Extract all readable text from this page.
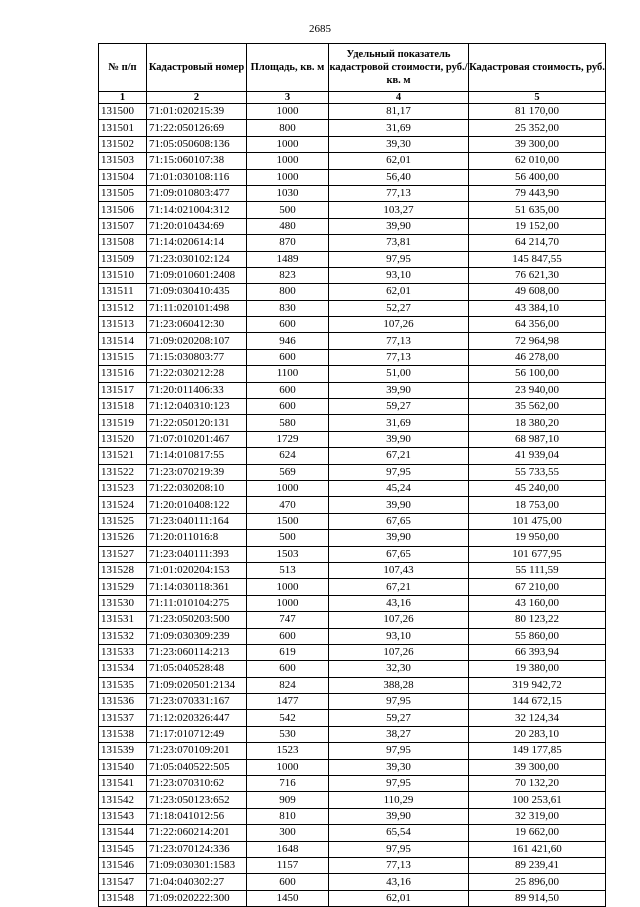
2685
№ п/п	Кадастровый номер	Площадь, кв. м	Удельный показатель кадастровой стоимости, руб./кв. м	Кадастровая стоимость, руб.
1	2	3	4	5
131500	71:01:020215:39	1000	81,17	81 170,00
131501	71:22:050126:69	800	31,69	25 352,00
131502	71:05:050608:136	1000	39,30	39 300,00
131503	71:15:060107:38	1000	62,01	62 010,00
131504	71:01:030108:116	1000	56,40	56 400,00
131505	71:09:010803:477	1030	77,13	79 443,90
131506	71:14:021004:312	500	103,27	51 635,00
131507	71:20:010434:69	480	39,90	19 152,00
131508	71:14:020614:14	870	73,81	64 214,70
131509	71:23:030102:124	1489	97,95	145 847,55
131510	71:09:010601:2408	823	93,10	76 621,30
131511	71:09:030410:435	800	62,01	49 608,00
131512	71:11:020101:498	830	52,27	43 384,10
131513	71:23:060412:30	600	107,26	64 356,00
131514	71:09:020208:107	946	77,13	72 964,98
131515	71:15:030803:77	600	77,13	46 278,00
131516	71:22:030212:28	1100	51,00	56 100,00
131517	71:20:011406:33	600	39,90	23 940,00
131518	71:12:040310:123	600	59,27	35 562,00
131519	71:22:050120:131	580	31,69	18 380,20
131520	71:07:010201:467	1729	39,90	68 987,10
131521	71:14:010817:55	624	67,21	41 939,04
131522	71:23:070219:39	569	97,95	55 733,55
131523	71:22:030208:10	1000	45,24	45 240,00
131524	71:20:010408:122	470	39,90	18 753,00
131525	71:23:040111:164	1500	67,65	101 475,00
131526	71:20:011016:8	500	39,90	19 950,00
131527	71:23:040111:393	1503	67,65	101 677,95
131528	71:01:020204:153	513	107,43	55 111,59
131529	71:14:030118:361	1000	67,21	67 210,00
131530	71:11:010104:275	1000	43,16	43 160,00
131531	71:23:050203:500	747	107,26	80 123,22
131532	71:09:030309:239	600	93,10	55 860,00
131533	71:23:060114:213	619	107,26	66 393,94
131534	71:05:040528:48	600	32,30	19 380,00
131535	71:09:020501:2134	824	388,28	319 942,72
131536	71:23:070331:167	1477	97,95	144 672,15
131537	71:12:020326:447	542	59,27	32 124,34
131538	71:17:010712:49	530	38,27	20 283,10
131539	71:23:070109:201	1523	97,95	149 177,85
131540	71:05:040522:505	1000	39,30	39 300,00
131541	71:23:070310:62	716	97,95	70 132,20
131542	71:23:050123:652	909	110,29	100 253,61
131543	71:18:041012:56	810	39,90	32 319,00
131544	71:22:060214:201	300	65,54	19 662,00
131545	71:23:070124:336	1648	97,95	161 421,60
131546	71:09:030301:1583	1157	77,13	89 239,41
131547	71:04:040302:27	600	43,16	25 896,00
131548	71:09:020222:300	1450	62,01	89 914,50
